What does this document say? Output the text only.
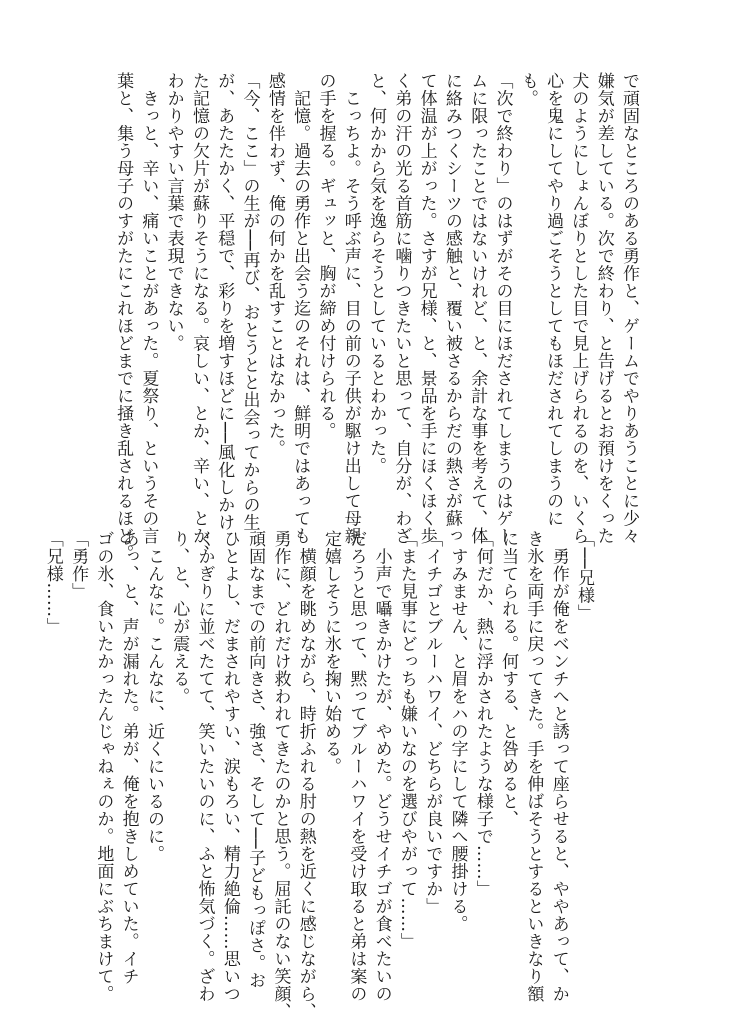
で頑固なところのある勇作と、ゲームでやりあうことに少々
嫌気が差している。次で終わり、と告げるとお預けをくった
犬のようにしょんぼりとした目で見上げられるのを、いくら
心を鬼にしてやり過ごそうとしてもほだされてしまうのに
も。
「次で終わり」のはずがその目にほだされてしまうのはゲー
ムに限ったことではないけれど、と、余計な事を考えて、体
に絡みつくシーツの感触と、覆い被さるからだの熱さが蘇っ
て体温が上がった。さすが兄様、と、景品を手にほくほく歩
く弟の汗の光る首筋に噛りつきたいと思って、自分が、わざ
と、何かから気を逸らそうとしているとわかった。
　こっちよ。そう呼ぶ声に、目の前の子供が駆け出して母親
の手を握る。ギュッと、胸が締め付けられる。
　記憶。過去の勇作と出会う迄のそれは、鮮明ではあっても
感情を伴わず、俺の何かを乱すことはなかった。
「今、ここ」の生が──再び、おとうとと出会ってからの生
が、あたたかく、平穏で、彩りを増すほどに──風化しかけ
た記憶の欠片が蘇りそうになる。哀しい、とか、辛い、とか、
わかりやすい言葉で表現できない。
　きっと、辛い、痛いことがあった。夏祭り、というその言
葉と、集う母子のすがたにこれほどまでに掻き乱されるほど。
「──兄様」
　勇作が俺をベンチへと誘って座らせると、ややあって、か
き氷を両手に戻ってきた。手を伸ばそうとするといきなり額
に当てられる。何する、と咎めると、
「何だか、熱に浮かされたような様子で……」
　すみません、と眉をハの字にして隣へ腰掛ける。
「イチゴとブルーハワイ、どちらが良いですか」
「また見事にどっちも嫌いなのを選びやがって……」
　小声で囁きかけたが、やめた。どうせイチゴが食べたいの
だろうと思って、黙ってブルーハワイを受け取ると弟は案の
定嬉しそうに氷を掬い始める。
　横顔を眺めながら、時折ふれる肘の熱を近くに感じながら、
勇作に、どれだけ救われてきたのかと思う。屈託のない笑顔、
頑固なまでの前向きさ、強さ、そして──子どもっぽさ。お
ひとよし、だまされやすい、涙もろい、精力絶倫……思いつ
くかぎりに並べたてて、笑いたいのに、ふと怖気づく。ざわ
り、と、心が震える。
　こんなに。こんなに、近くにいるのに。
あっ、と、声が漏れた。弟が、俺を抱きしめていた。イチ
ゴの氷、食いたかったんじゃねぇのか。地面にぶちまけて。
「勇作」
「兄様……」
